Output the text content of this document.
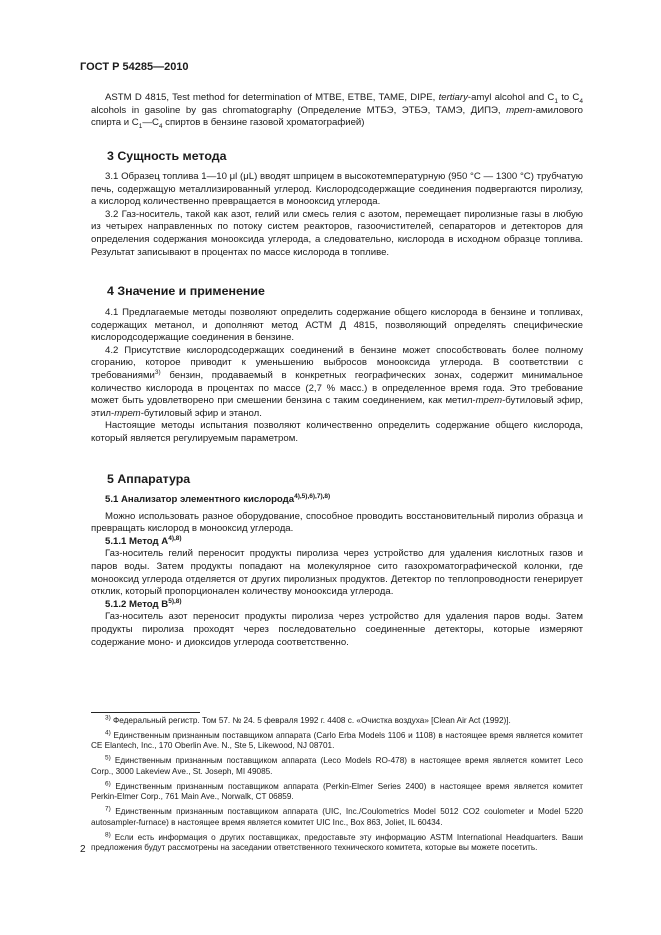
ГОСТ Р 54285—2010

ASTM D 4815, Test method for determination of MTBE, ETBE, TAME, DIPE, tertiary-amyl alcohol and $C_1$ to $C_4$ alcohols in gasoline by gas chromatography (Определение МТБЭ, ЭТБЭ, ТАМЭ, ДИПЭ, трет-амилового спирта и $С_1—С_4$ спиртов в бензине газовой хроматографией)

3 Сущность метода

3.1 Образец топлива 1—10 μl (μL) вводят шприцем в высокотемпературную (950 °C — 1300 °C) трубчатую печь, содержащую металлизированный углерод. Кислородсодержащие соединения подвергаются пиролизу, а кислород количественно превращается в монооксид углерода.

3.2 Газ-носитель, такой как азот, гелий или смесь гелия с азотом, перемещает пиролизные газы в любую из четырех направленных по потоку систем реакторов, газоочистителей, сепараторов и детекторов для определения содержания монооксида углерода, а следовательно, кислорода в исходном образце топлива. Результат записывают в процентах по массе кислорода в топливе.

4 Значение и применение

4.1 Предлагаемые методы позволяют определить содержание общего кислорода в бензине и топливах, содержащих метанол, и дополняют метод АСТМ Д 4815, позволяющий определять специфические кислородсодержащие соединения в бензине.

4.2 Присутствие кислородсодержащих соединений в бензине может способствовать более полному сгоранию, которое приводит к уменьшению выбросов монооксида углерода. В соответствии с требованиями$^{3)}$ бензин, продаваемый в конкретных географических зонах, содержит минимальное количество кислорода в процентах по массе (2,7 % масс.) в определенное время года. Это требование может быть удовлетворено при смешении бензина с таким соединением, как метил-трет-бутиловый эфир, этил-трет-бутиловый эфир и этанол.

Настоящие методы испытания позволяют количественно определить содержание общего кислорода, который является регулируемым параметром.

5 Аппаратура

5.1 Анализатор элементного кислорода$^{4),5),6),7),8)}$

Можно использовать разное оборудование, способное проводить восстановительный пиролиз образца и превращать кислород в монооксид углерода.

5.1.1 Метод $А^{4),8)}$

Газ-носитель гелий переносит продукты пиролиза через устройство для удаления кислотных газов и паров воды. Затем продукты попадают на молекулярное сито газохроматографической колонки, где монооксид углерода отделяется от других пиролизных продуктов. Детектор по теплопроводности генерирует отклик, который пропорционален количеству монооксида углерода.

5.1.2 Метод $В^{5),8)}$

Газ-носитель азот переносит продукты пиролиза через устройство для удаления паров воды. Затем продукты пиролиза проходят через последовательно соединенные детекторы, которые измеряют содержание моно- и диоксидов углерода соответственно.

$^{3)}$ Федеральный регистр. Том 57. № 24. 5 февраля 1992 г. 4408 с. «Очистка воздуха» [Clean Air Act (1992)].

$^{4)}$ Единственным признанным поставщиком аппарата (Carlo Erba Models 1106 и 1108) в настоящее время является комитет CE Elantech, Inc., 170 Oberlin Ave. N., Ste 5, Likewood, NJ 08701.

$^{5)}$ Единственным признанным поставщиком аппарата (Leco Models RO-478) в настоящее время является комитет Leco Corp., 3000 Lakeview Ave., St. Joseph, MI 49085.

$^{6)}$ Единственным признанным поставщиком аппарата (Perkin-Elmer Series 2400) в настоящее время является комитет Perkin-Elmer Corp., 761 Main Ave., Norwalk, CT 06859.

$^{7)}$ Единственным признанным поставщиком аппарата (UIC, Inc./Coulometrics Model 5012 CO2 coulometer и Model 5220 autosampler-furnace) в настоящее время является комитет UIC Inc., Box 863, Joliet, IL 60434.

$^{8)}$ Если есть информация о других поставщиках, предоставьте эту информацию ASTM International Headquarters. Ваши предложения будут рассмотрены на заседании ответственного технического комитета, которые вы можете посетить.

2
